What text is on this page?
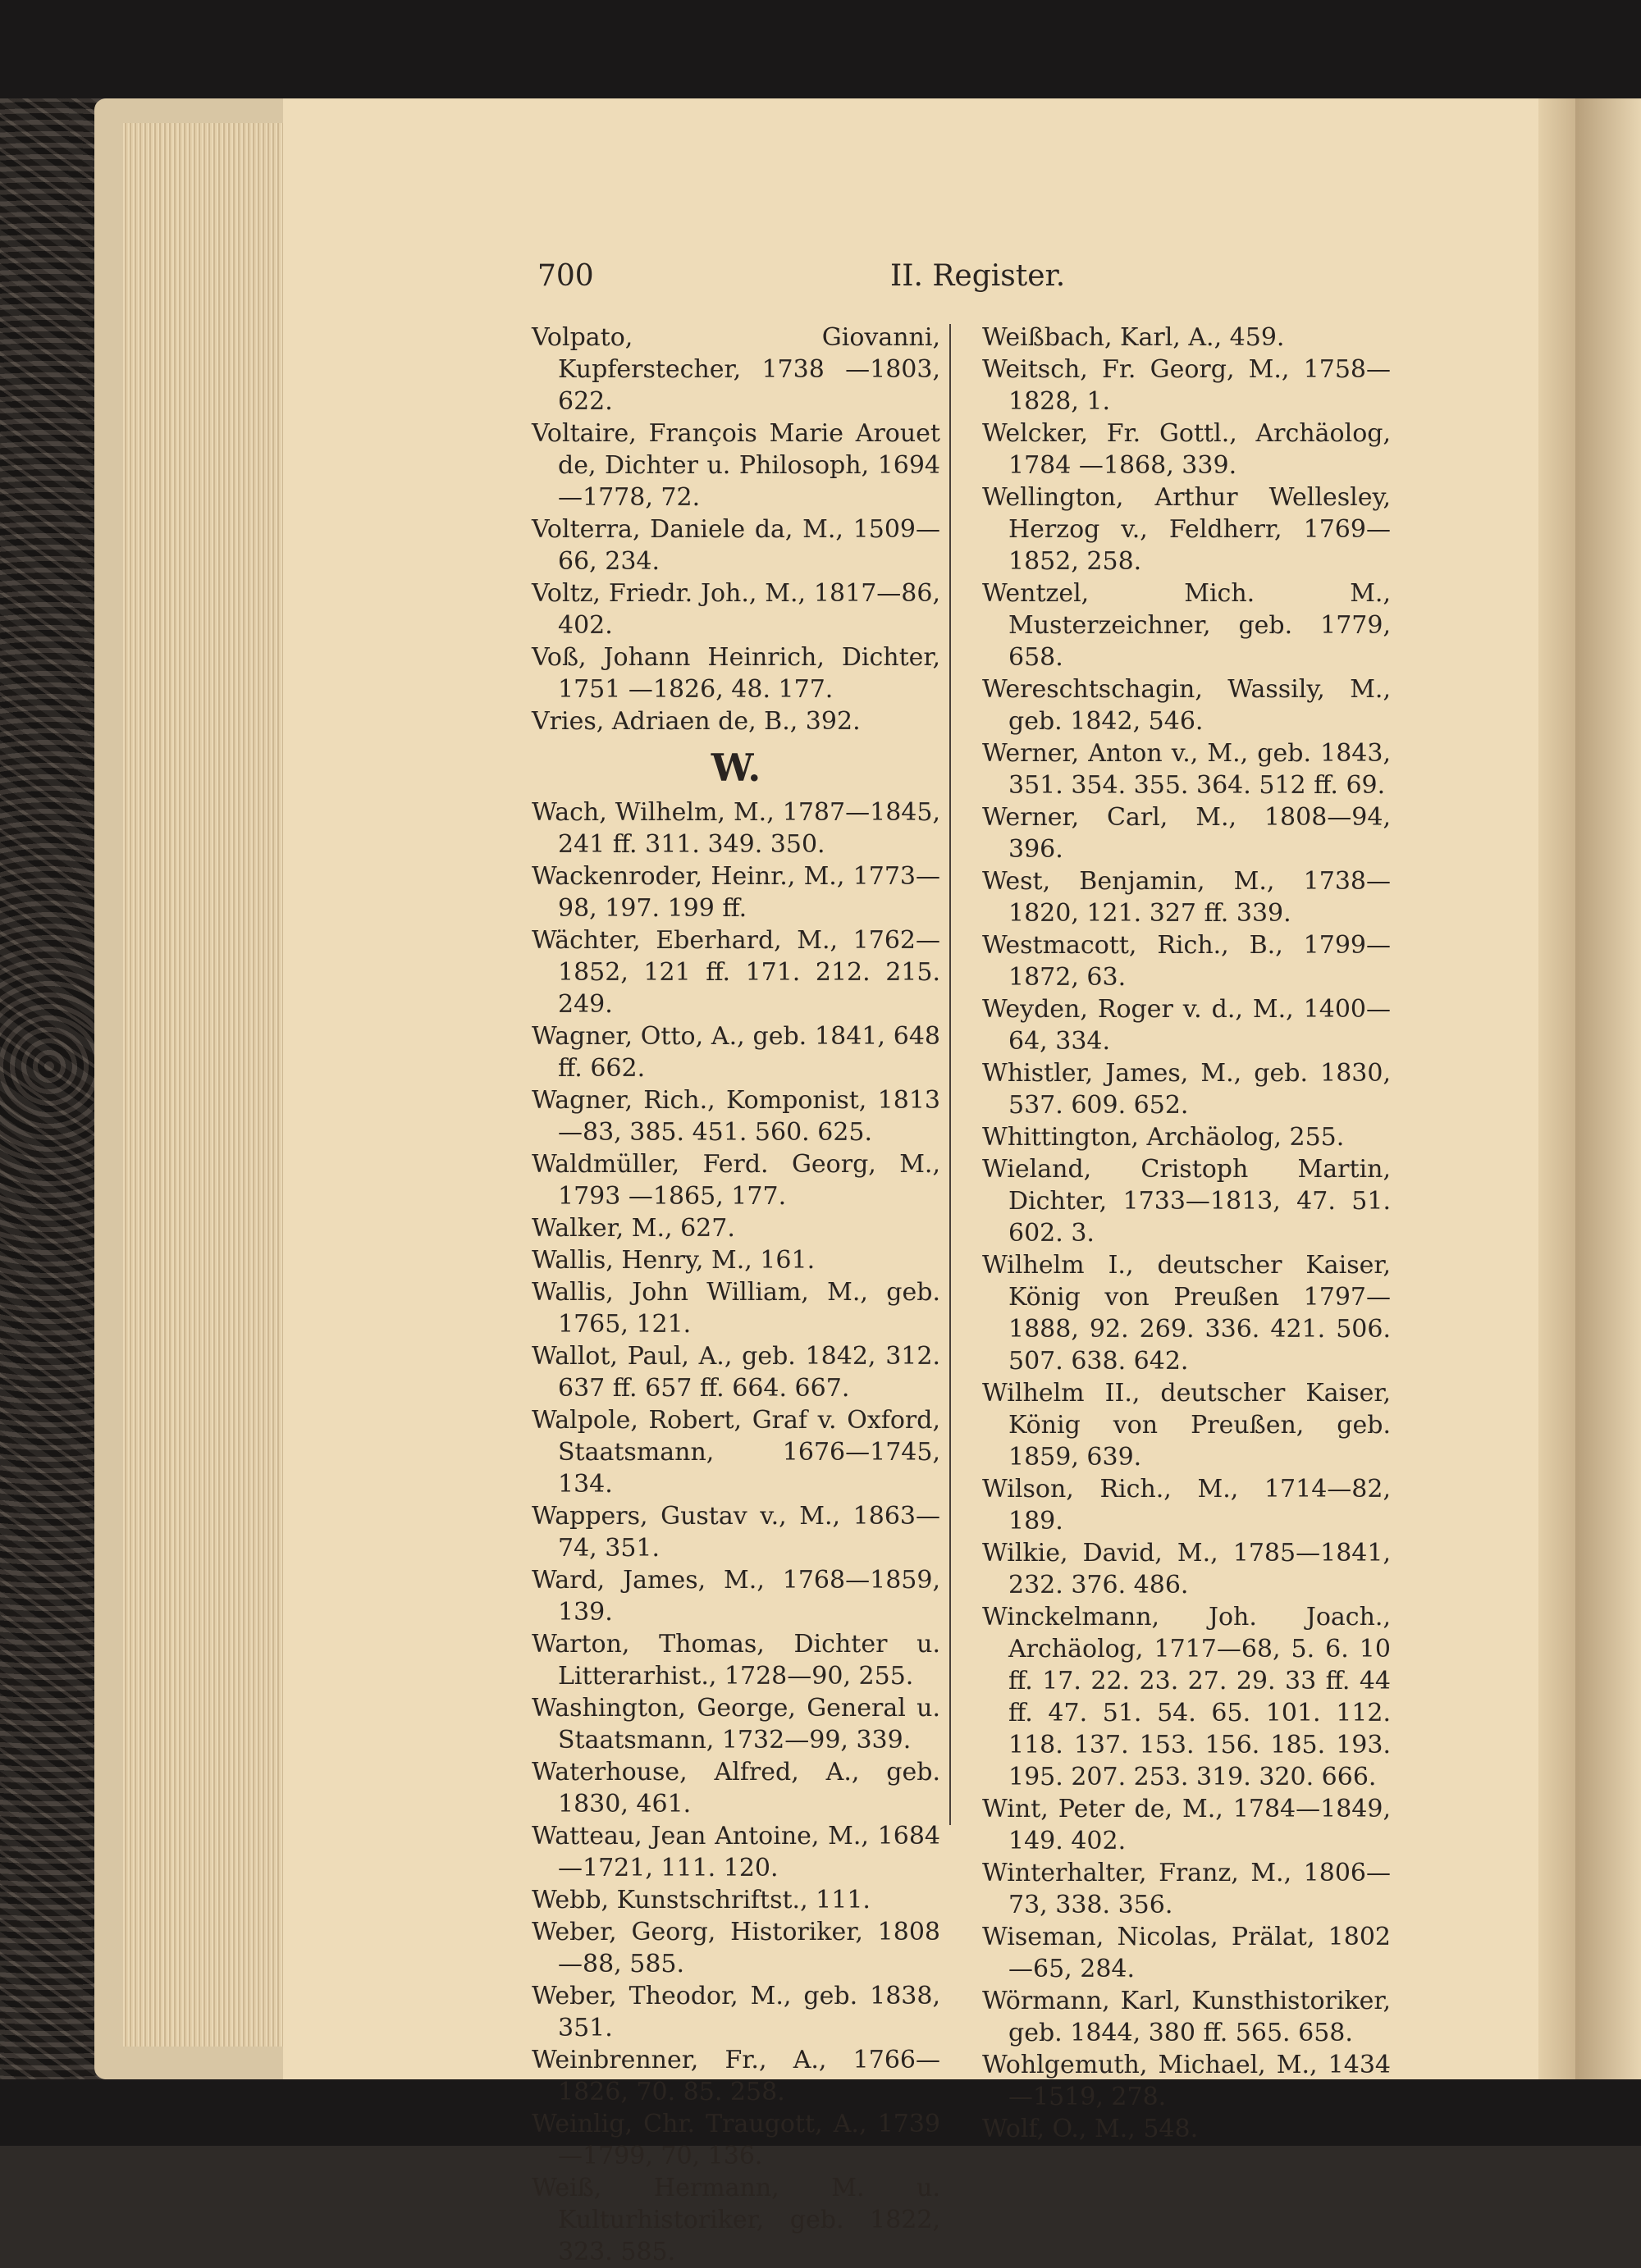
700	II. Register.

Volpato, Giovanni, Kupferstecher, 1738 —1803, 622.

Voltaire, François Marie Arouet de, Dichter u. Philosoph, 1694—1778, 72.

Volterra, Daniele da, M., 1509—66, 234.

Voltz, Friedr. Joh., M., 1817—86, 402.

Voß, Johann Heinrich, Dichter, 1751 —1826, 48. 177.

Vries, Adriaen de, B., 392.

W.

Wach, Wilhelm, M., 1787—1845, 241 ff. 311. 349. 350.

Wackenroder, Heinr., M., 1773—98, 197. 199 ff.

Wächter, Eberhard, M., 1762—1852, 121 ff. 171. 212. 215. 249.

Wagner, Otto, A., geb. 1841, 648 ff. 662.

Wagner, Rich., Komponist, 1813—83, 385. 451. 560. 625.

Waldmüller, Ferd. Georg, M., 1793 —1865, 177.

Walker, M., 627.

Wallis, Henry, M., 161.

Wallis, John William, M., geb. 1765, 121.

Wallot, Paul, A., geb. 1842, 312. 637 ff. 657 ff. 664. 667.

Walpole, Robert, Graf v. Oxford, Staatsmann, 1676—1745, 134.

Wappers, Gustav v., M., 1863—74, 351.

Ward, James, M., 1768—1859, 139.

Warton, Thomas, Dichter u. Litterarhist., 1728—90, 255.

Washington, George, General u. Staatsmann, 1732—99, 339.

Waterhouse, Alfred, A., geb. 1830, 461.

Watteau, Jean Antoine, M., 1684—1721, 111. 120.

Webb, Kunstschriftst., 111.

Weber, Georg, Historiker, 1808—88, 585.

Weber, Theodor, M., geb. 1838, 351.

Weinbrenner, Fr., A., 1766—1826, 70. 85. 258.

Weinlig, Chr. Traugott, A., 1739—1799, 70, 136.

Weiß, Hermann, M. u. Kulturhistoriker, geb. 1822, 323. 585.

Weißbach, Karl, A., 459.

Weitsch, Fr. Georg, M., 1758—1828, 1.

Welcker, Fr. Gottl., Archäolog, 1784 —1868, 339.

Wellington, Arthur Wellesley, Herzog v., Feldherr, 1769—1852, 258.

Wentzel, Mich. M., Musterzeichner, geb. 1779, 658.

Wereschtschagin, Wassily, M., geb. 1842, 546.

Werner, Anton v., M., geb. 1843, 351. 354. 355. 364. 512 ff. 69.

Werner, Carl, M., 1808—94, 396.

West, Benjamin, M., 1738—1820, 121. 327 ff. 339.

Westmacott, Rich., B., 1799—1872, 63.

Weyden, Roger v. d., M., 1400—64, 334.

Whistler, James, M., geb. 1830, 537. 609. 652.

Whittington, Archäolog, 255.

Wieland, Cristoph Martin, Dichter, 1733—1813, 47. 51. 602. 3.

Wilhelm I., deutscher Kaiser, König von Preußen 1797—1888, 92. 269. 336. 421. 506. 507. 638. 642.

Wilhelm II., deutscher Kaiser, König von Preußen, geb. 1859, 639.

Wilson, Rich., M., 1714—82, 189.

Wilkie, David, M., 1785—1841, 232. 376. 486.

Winckelmann, Joh. Joach., Archäolog, 1717—68, 5. 6. 10 ff. 17. 22. 23. 27. 29. 33 ff. 44 ff. 47. 51. 54. 65. 101. 112. 118. 137. 153. 156. 185. 193. 195. 207. 253. 319. 320. 666.

Wint, Peter de, M., 1784—1849, 149. 402.

Winterhalter, Franz, M., 1806—73, 338. 356.

Wiseman, Nicolas, Prälat, 1802—65, 284.

Wörmann, Karl, Kunsthistoriker, geb. 1844, 380 ff. 565. 658.

Wohlgemuth, Michael, M., 1434—1519, 278.

Wolf, O., M., 548.
